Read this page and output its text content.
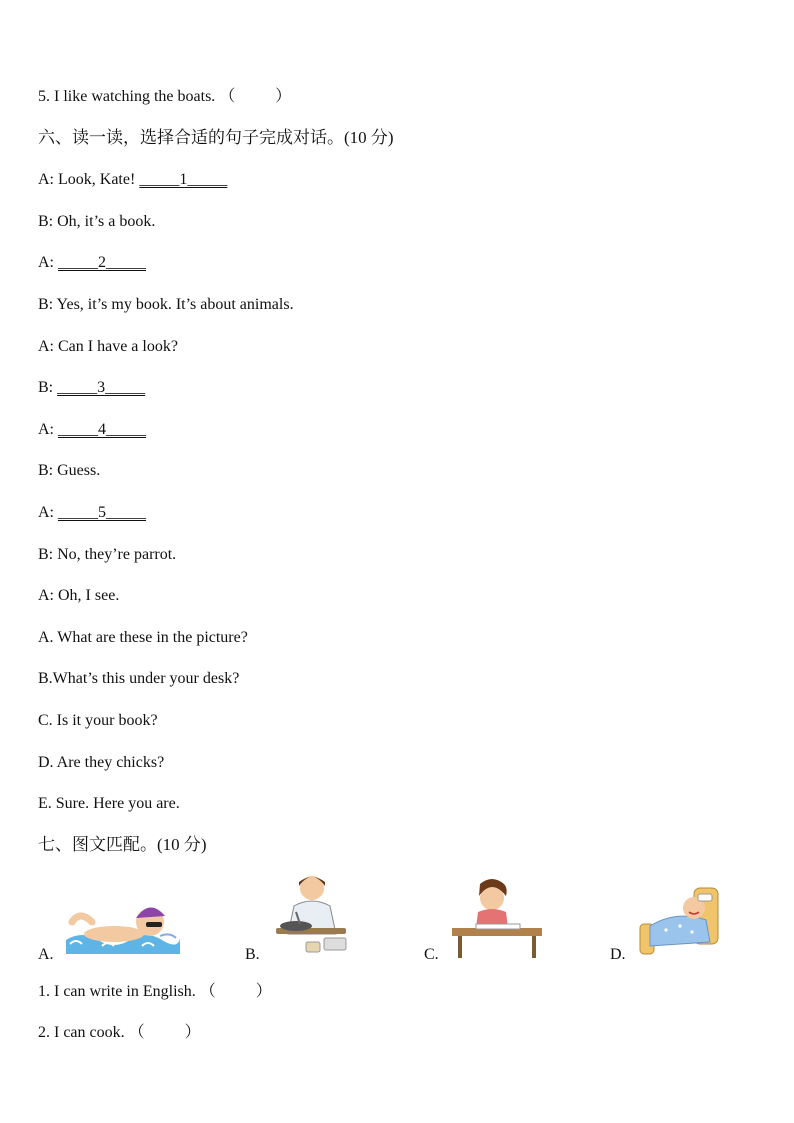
5. I like watching the boats. （          ）
六、读一读，选择合适的句子完成对话。(10 分)
A: Look, Kate! _____1_____
B: Oh, it’s a book.
A: _____2_____
B: Yes, it’s my book. It’s about animals.
A: Can I have a look?
B: _____3_____
A: _____4_____
B: Guess.
A: _____5_____
B: No, they’re parrot.
A: Oh, I see.
A. What are these in the picture?
B.What’s this under your desk?
C. Is it your book?
D. Are they chicks?
E. Sure. Here you are.
七、图文匹配。(10 分)
A.	B.	C.	D.
1. I can write in English. （          ）
2. I can cook. （          ）
